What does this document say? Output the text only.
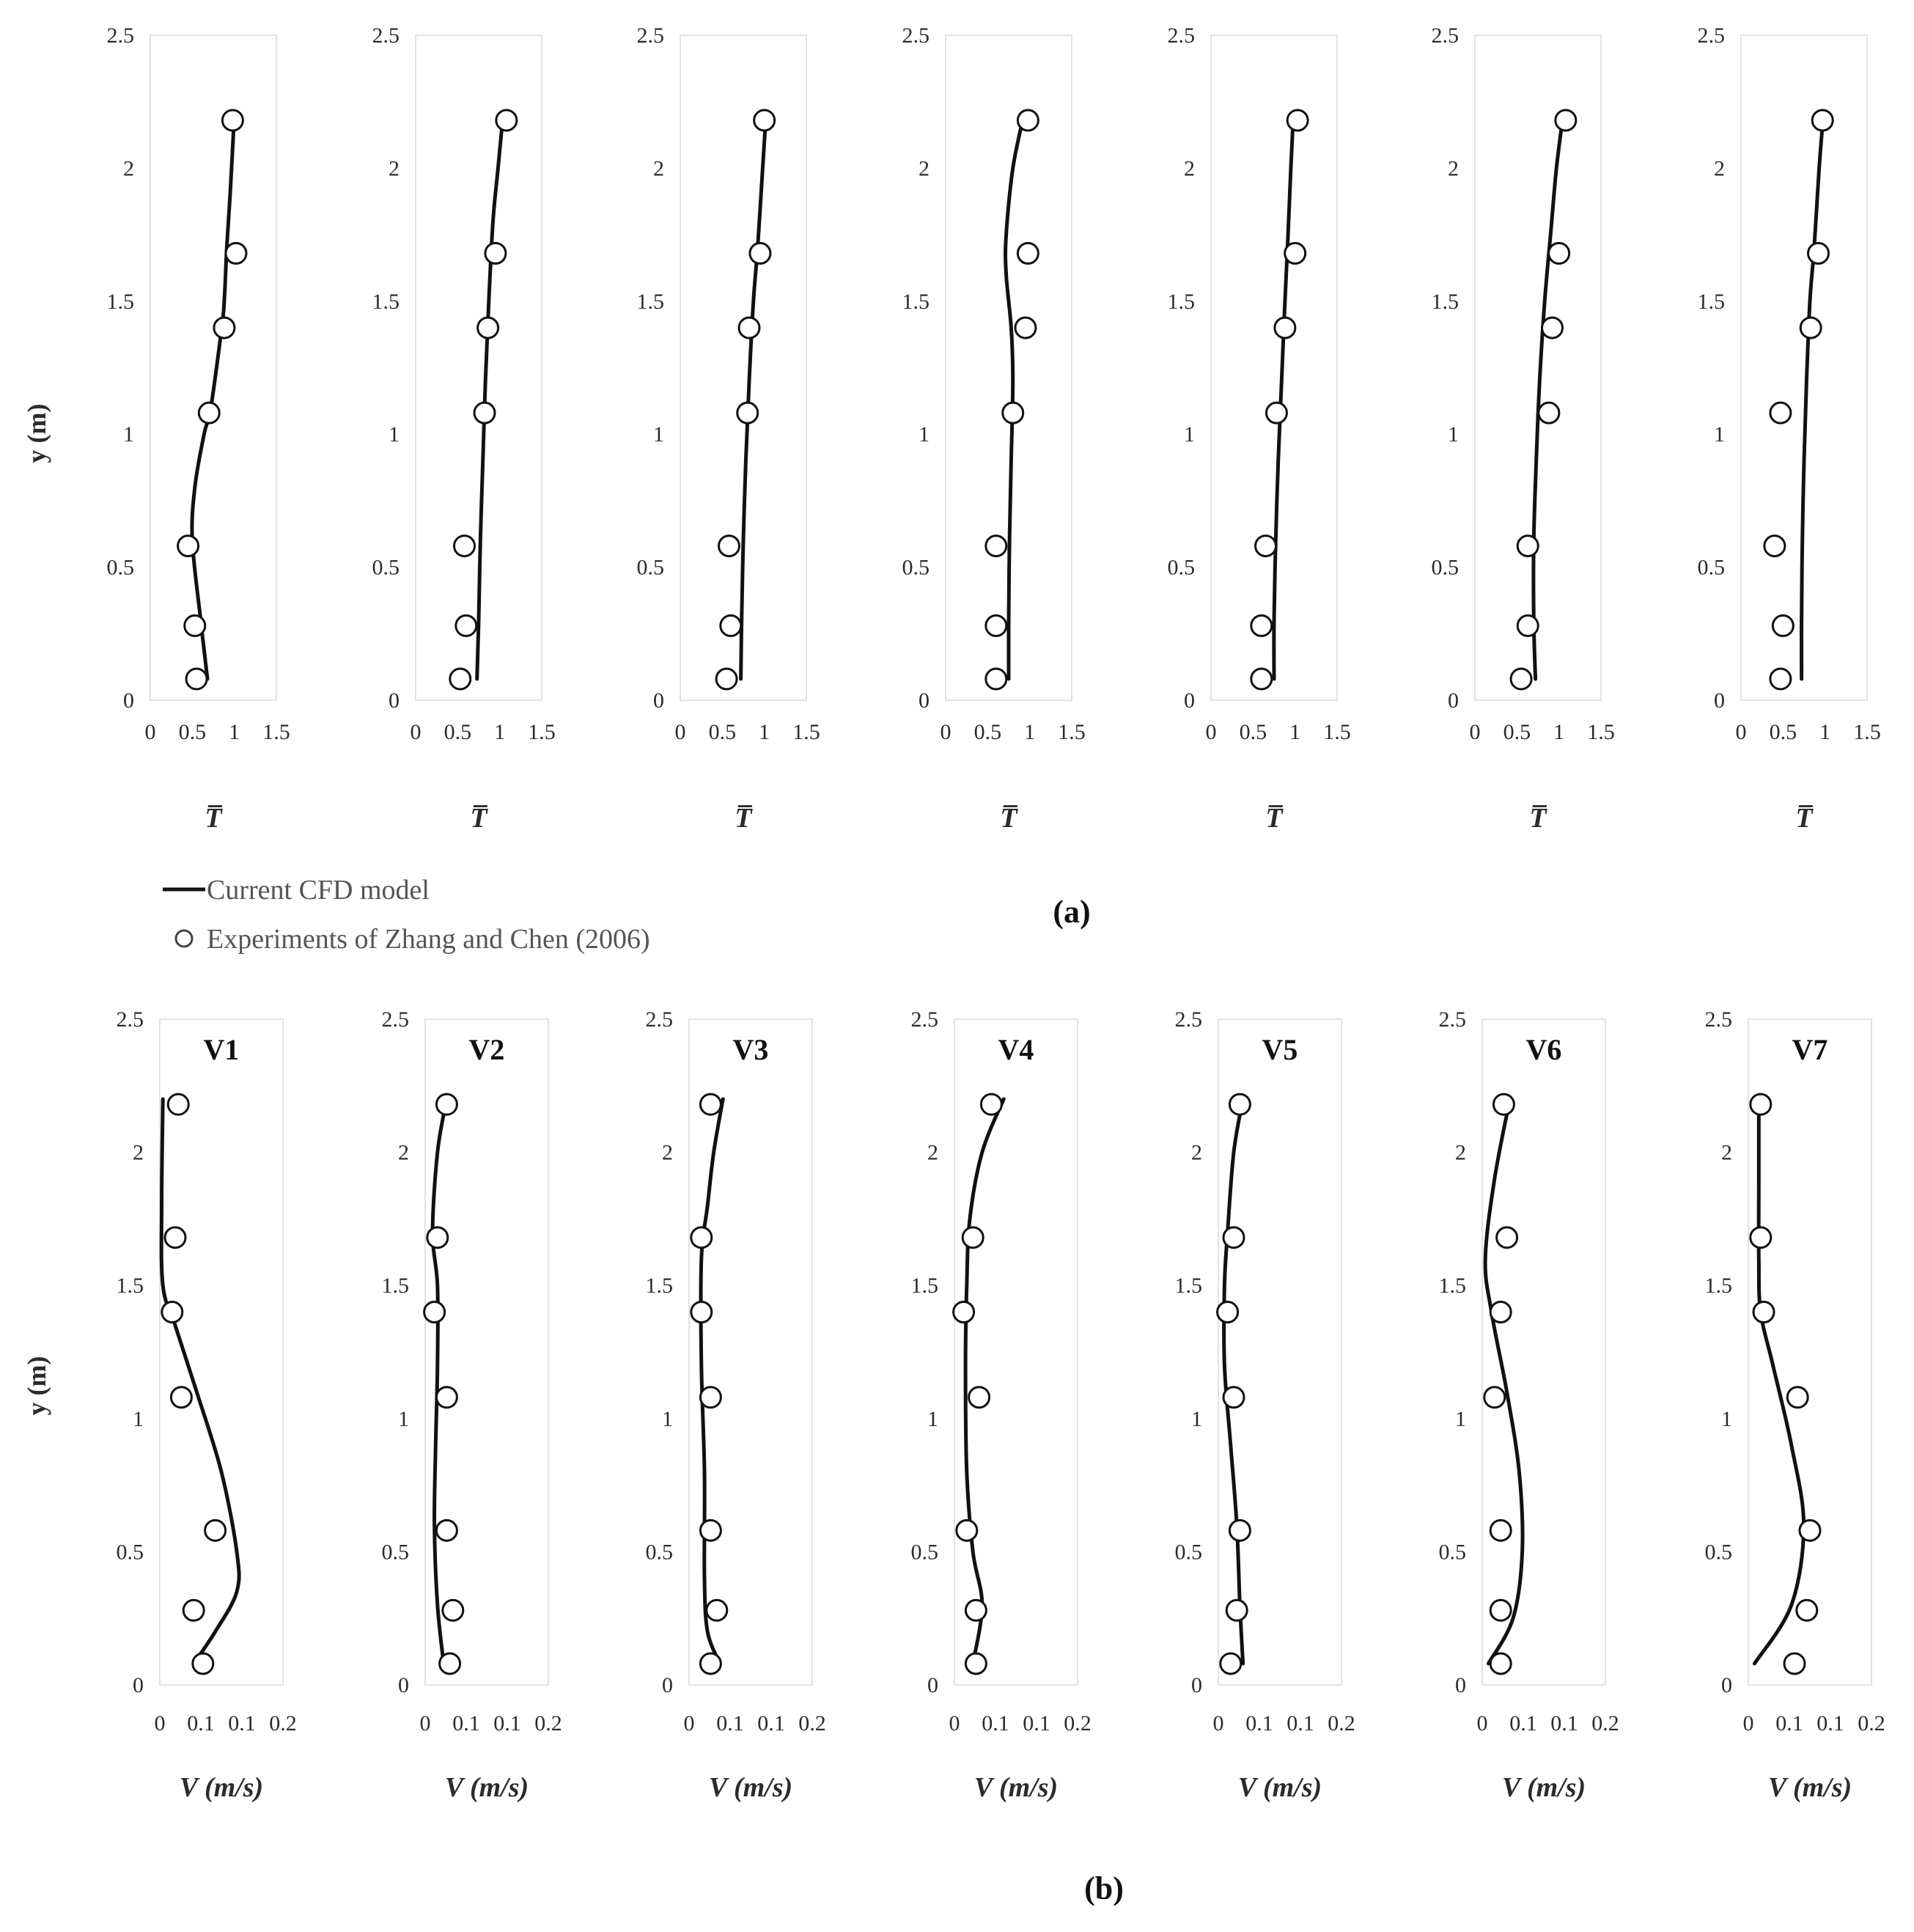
0
0.5
1
1.5
2
2.5
0 0.5 1 1.5
T̅
0
0.5
1
1.5
2
2.5
0 0.5 1 1.5
T̅
0
0.5
1
1.5
2
2.5
0 0.5 1 1.5
T̅
0
0.5
1
1.5
2
2.5
0 0.5 1 1.5
T̅
0
0.5
1
1.5
2
2.5
0 0.5 1 1.5
T̅
0
0.5
1
1.5
2
2.5
0 0.5 1 1.5
T̅
0
0.5
1
1.5
2
2.5
0 0.5 1 1.5
T̅
y (m)
0
0.5
1
1.5
2
2.5
0 0.1 0.1 0.2
V (m/s)
V1
0
0.5
1
1.5
2
2.5
0 0.1 0.1 0.2
V (m/s)
V2
0
0.5
1
1.5
2
2.5
0 0.1 0.1 0.2
V (m/s)
V3
0
0.5
1
1.5
2
2.5
0 0.1 0.1 0.2
V (m/s)
V4
0
0.5
1
1.5
2
2.5
0 0.1 0.1 0.2
V (m/s)
V5
0
0.5
1
1.5
2
2.5
0 0.1 0.1 0.2
V (m/s)
V6
0
0.5
1
1.5
2
2.5
0 0.1 0.1 0.2
V (m/s)
V7
y (m)
Current CFD model
Experiments of Zhang and Chen (2006)
(a)
(b)
